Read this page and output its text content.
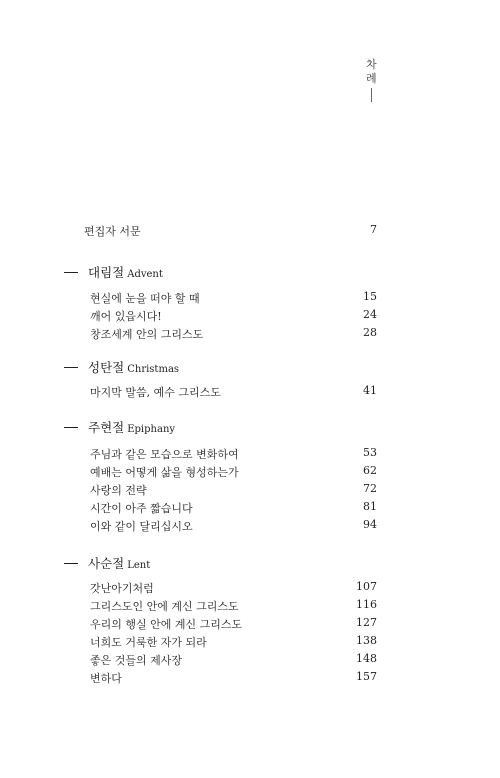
차
례
편집자 서문	7
대림절 Advent
현실에 눈을 떠야 할 때	15
깨어 있읍시다!	24
창조세계 안의 그리스도	28
성탄절 Christmas
마지막 말씀, 예수 그리스도	41
주현절 Epiphany
주님과 같은 모습으로 변화하여	53
예배는 어떻게 삶을 형성하는가	62
사랑의 전략	72
시간이 아주 짧습니다	81
이와 같이 달리십시오	94
사순절 Lent
갓난아기처럼	107
그리스도인 안에 계신 그리스도	116
우리의 행실 안에 계신 그리스도	127
너희도 거룩한 자가 되라	138
좋은 것들의 제사장	148
변하다	157
